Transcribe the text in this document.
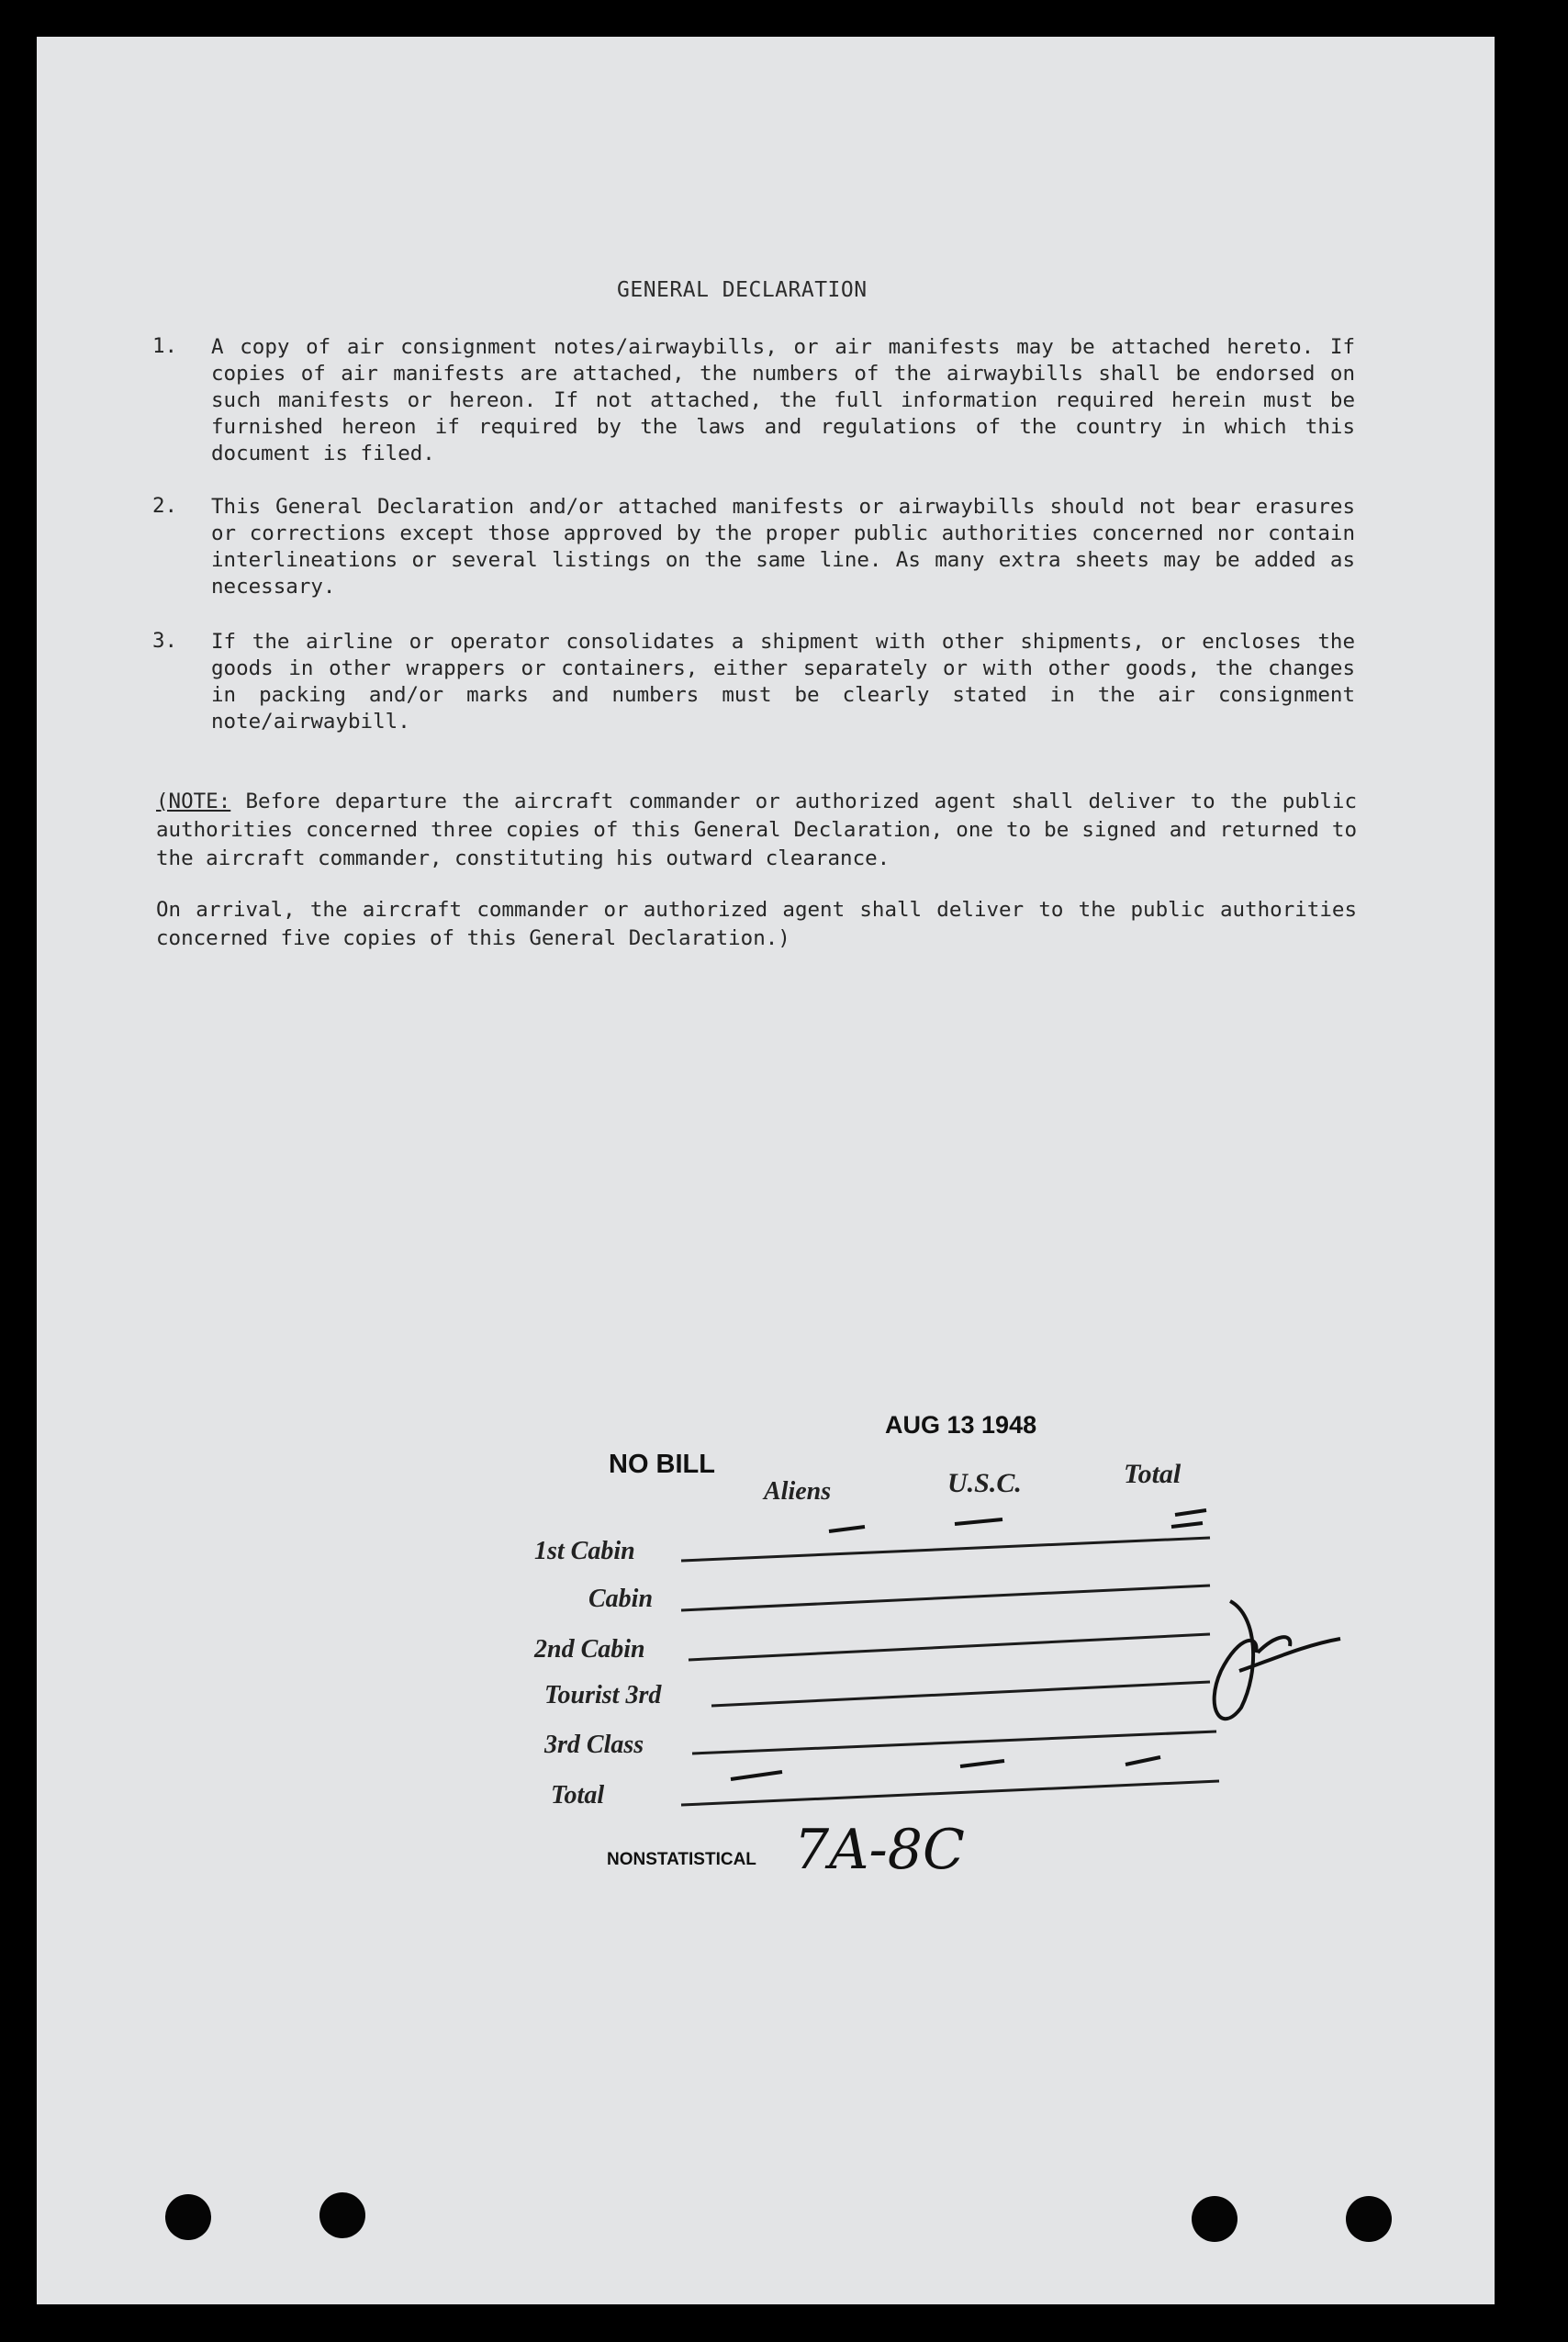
GENERAL DECLARATION
1. A copy of air consignment notes/airwaybills, or air manifests may be attached hereto. If copies of air manifests are attached, the numbers of the airwaybills shall be endorsed on such manifests or hereon. If not attached, the full information required herein must be furnished hereon if required by the laws and regulations of the country in which this document is filed.
2. This General Declaration and/or attached manifests or airwaybills should not bear erasures or corrections except those approved by the proper public authorities concerned nor contain interlineations or several listings on the same line. As many extra sheets may be added as necessary.
3. If the airline or operator consolidates a shipment with other shipments, or encloses the goods in other wrappers or containers, either separately or with other goods, the changes in packing and/or marks and numbers must be clearly stated in the air consignment note/airwaybill.
(NOTE: Before departure the aircraft commander or authorized agent shall deliver to the public authorities concerned three copies of this General Declaration, one to be signed and returned to the aircraft commander, constituting his outward clearance.
On arrival, the aircraft commander or authorized agent shall deliver to the public authorities concerned five copies of this General Declaration.)
AUG 13 1948
NO BILL
Aliens	U.S.C.	Total
1st Cabin
Cabin
2nd Cabin
Tourist 3rd
3rd Class
Total
NONSTATISTICAL 7A-8C
